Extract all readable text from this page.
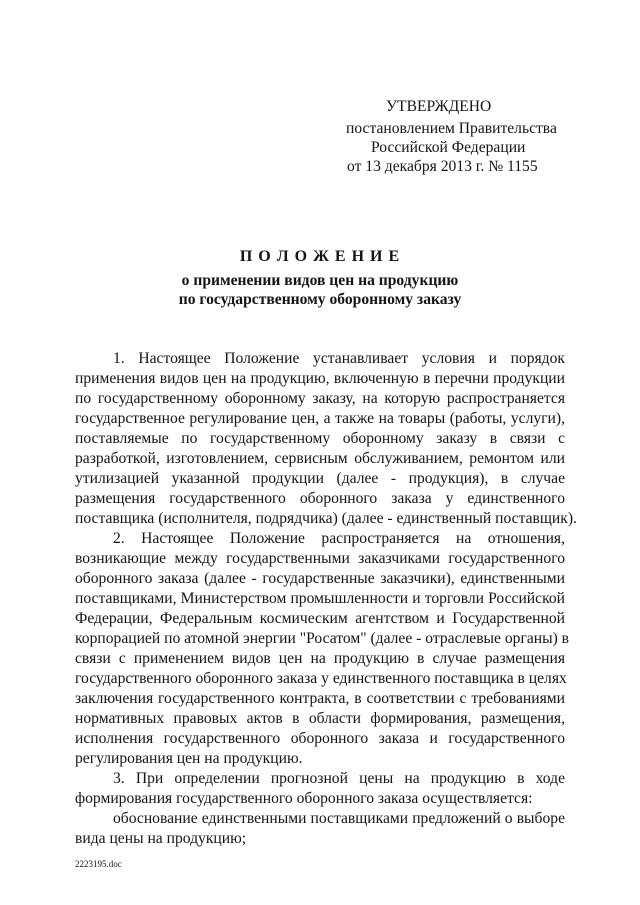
УТВЕРЖДЕНО
постановлением Правительства
Российской Федерации
от 13 декабря 2013 г. № 1155
П О Л О Ж Е Н И Е
о применении видов цен на продукцию
по государственному оборонному заказу
1. Настоящее Положение устанавливает условия и порядок
применения видов цен на продукцию, включенную в перечни продукции
по государственному оборонному заказу, на которую распространяется
государственное регулирование цен, а также на товары (работы, услуги),
поставляемые по государственному оборонному заказу в связи с
разработкой, изготовлением, сервисным обслуживанием, ремонтом или
утилизацией указанной продукции (далее - продукция), в случае
размещения государственного оборонного заказа у единственного
поставщика (исполнителя, подрядчика) (далее - единственный поставщик).
2. Настоящее Положение распространяется на отношения,
возникающие между государственными заказчиками государственного
оборонного заказа (далее - государственные заказчики), единственными
поставщиками, Министерством промышленности и торговли Российской
Федерации, Федеральным космическим агентством и Государственной
корпорацией по атомной энергии "Росатом" (далее - отраслевые органы) в
связи с применением видов цен на продукцию в случае размещения
государственного оборонного заказа у единственного поставщика в целях
заключения государственного контракта, в соответствии с требованиями
нормативных правовых актов в области формирования, размещения,
исполнения государственного оборонного заказа и государственного
регулирования цен на продукцию.
3. При определении прогнозной цены на продукцию в ходе
формирования государственного оборонного заказа осуществляется:
обоснование единственными поставщиками предложений о выборе
вида цены на продукцию;
2223195.doc
